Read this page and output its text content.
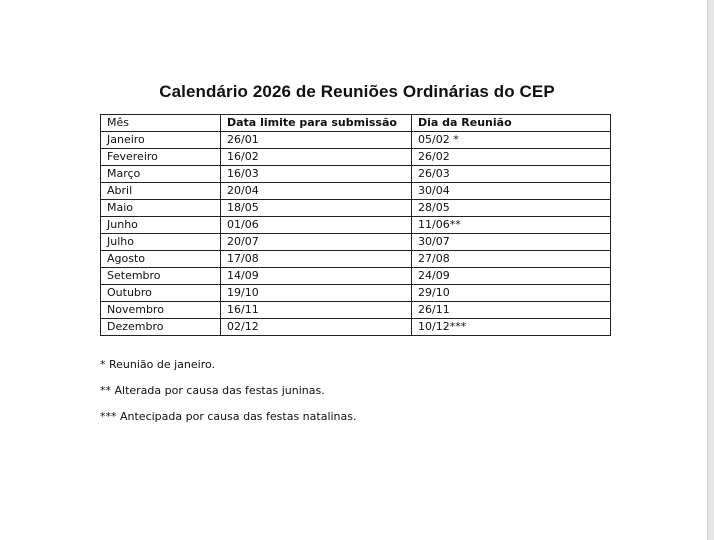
Calendário 2026 de Reuniões Ordinárias do CEP
Mês	Data limite para submissão	Dia da Reunião
Janeiro	26/01	05/02 *
Fevereiro	16/02	26/02
Março	16/03	26/03
Abril	20/04	30/04
Maio	18/05	28/05
Junho	01/06	11/06**
Julho	20/07	30/07
Agosto	17/08	27/08
Setembro	14/09	24/09
Outubro	19/10	29/10
Novembro	16/11	26/11
Dezembro	02/12	10/12***

* Reunião de janeiro.

** Alterada por causa das festas juninas.

*** Antecipada por causa das festas natalinas.
